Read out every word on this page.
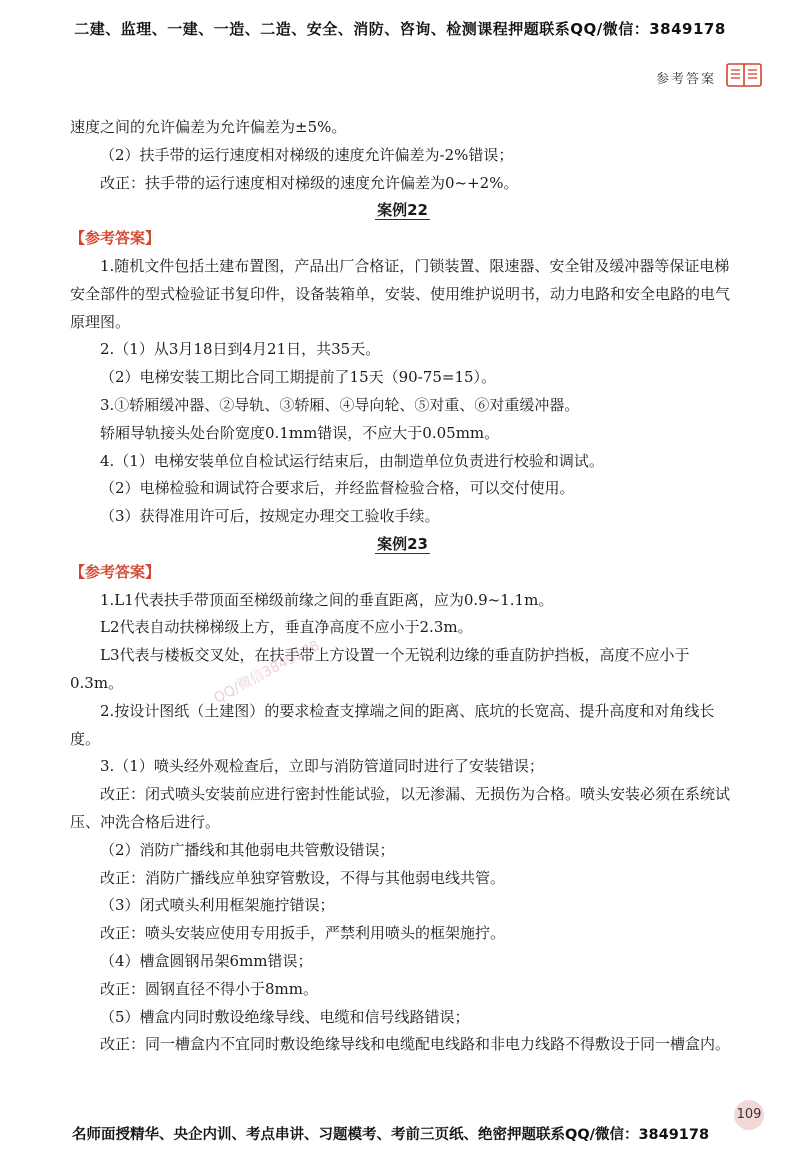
二建、监理、一建、一造、二造、安全、消防、咨询、检测课程押题联系QQ/微信：3849178
参考答案

速度之间的允许偏差为允许偏差为±5%。

（2）扶手带的运行速度相对梯级的速度允许偏差为-2%错误；

改正：扶手带的运行速度相对梯级的速度允许偏差为0~+2%。

案例22

【参考答案】

1.随机文件包括土建布置图，产品出厂合格证，门锁装置、限速器、安全钳及缓冲器等保证电梯安全部件的型式检验证书复印件，设备装箱单，安装、使用维护说明书，动力电路和安全电路的电气原理图。

2.（1）从3月18日到4月21日，共35天。

（2）电梯安装工期比合同工期提前了15天（90-75=15）。

3.①轿厢缓冲器、②导轨、③轿厢、④导向轮、⑤对重、⑥对重缓冲器。

轿厢导轨接头处台阶宽度0.1mm错误，不应大于0.05mm。

4.（1）电梯安装单位自检试运行结束后，由制造单位负责进行校验和调试。

（2）电梯检验和调试符合要求后，并经监督检验合格，可以交付使用。

（3）获得准用许可后，按规定办理交工验收手续。

案例23

【参考答案】

1.L1代表扶手带顶面至梯级前缘之间的垂直距离，应为0.9~1.1m。

L2代表自动扶梯梯级上方，垂直净高度不应小于2.3m。

L3代表与楼板交叉处，在扶手带上方设置一个无锐利边缘的垂直防护挡板，高度不应小于0.3m。

2.按设计图纸（土建图）的要求检查支撑端之间的距离、底坑的长宽高、提升高度和对角线长度。

3.（1）喷头经外观检查后，立即与消防管道同时进行了安装错误；

改正：闭式喷头安装前应进行密封性能试验，以无渗漏、无损伤为合格。喷头安装必须在系统试压、冲洗合格后进行。

（2）消防广播线和其他弱电共管敷设错误；

改正：消防广播线应单独穿管敷设，不得与其他弱电线共管。

（3）闭式喷头利用框架施拧错误；

改正：喷头安装应使用专用扳手，严禁利用喷头的框架施拧。

（4）槽盒圆钢吊架6mm错误；

改正：圆钢直径不得小于8mm。

（5）槽盒内同时敷设绝缘导线、电缆和信号线路错误；

改正：同一槽盒内不宜同时敷设绝缘导线和电缆配电线路和非电力线路不得敷设于同一槽盒内。

QQ/微信3849178
名师面授精华、央企内训、考点串讲、习题模考、考前三页纸、绝密押题联系QQ/微信：3849178
109
